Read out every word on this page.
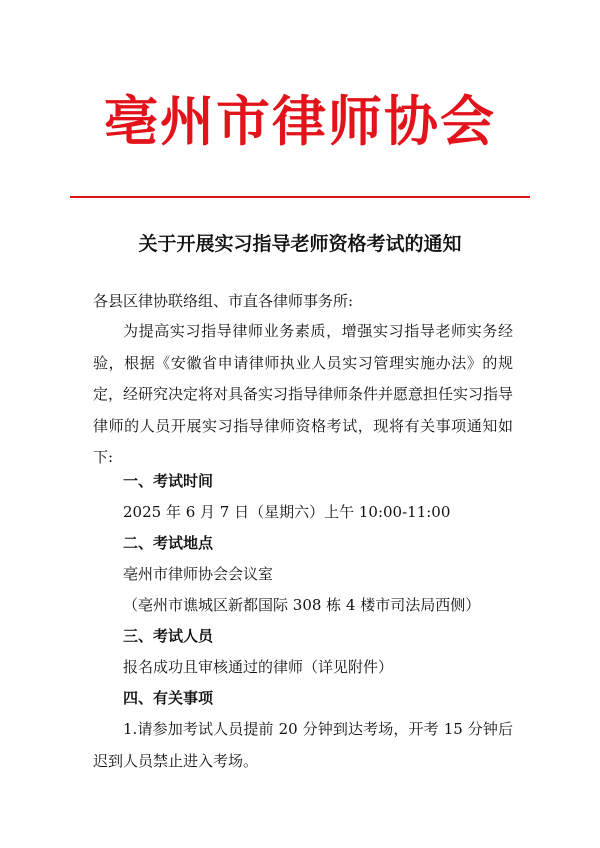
亳州市律师协会
关于开展实习指导老师资格考试的通知
各县区律协联络组、市直各律师事务所:
为提高实习指导律师业务素质，增强实习指导老师实务经验，根据《安徽省申请律师执业人员实习管理实施办法》的规定，经研究决定将对具备实习指导律师条件并愿意担任实习指导律师的人员开展实习指导律师资格考试，现将有关事项通知如下:
一、考试时间
2025 年 6 月 7 日（星期六）上午 10:00-11:00
二、考试地点
亳州市律师协会会议室
（亳州市谯城区新都国际 308 栋 4 楼市司法局西侧）
三、考试人员
报名成功且审核通过的律师（详见附件）
四、有关事项
1.请参加考试人员提前 20 分钟到达考场，开考 15 分钟后迟到人员禁止进入考场。
